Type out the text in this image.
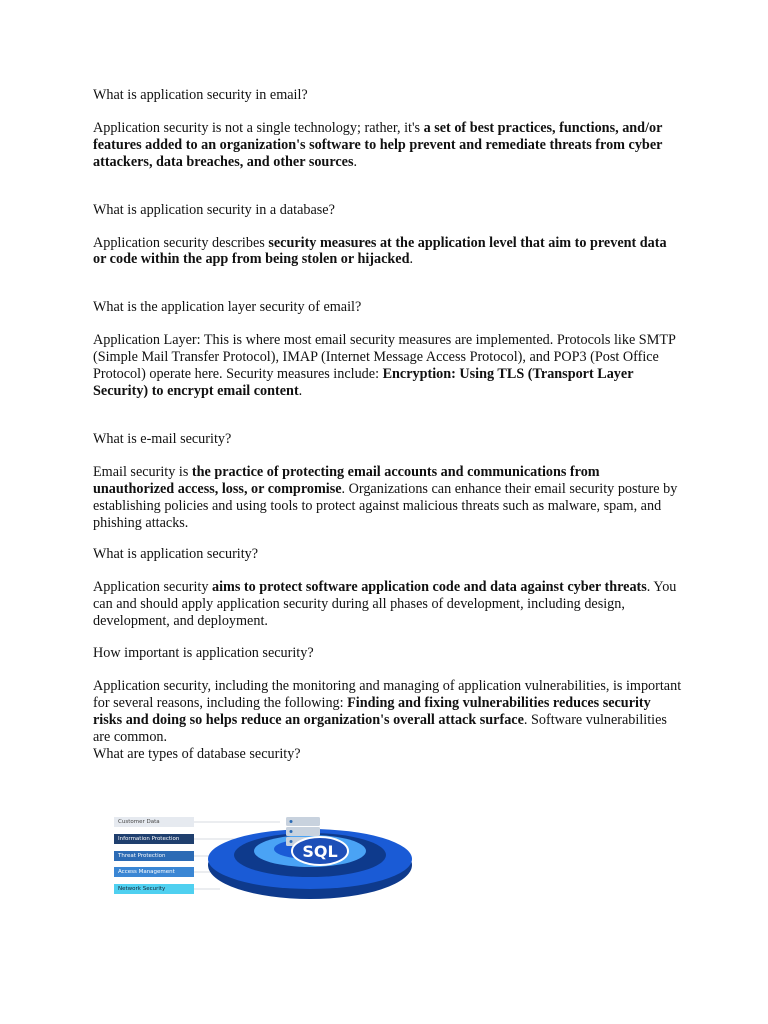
What is application security in email?

Application security is not a single technology; rather, it's a set of best practices, functions, and/or features added to an organization's software to help prevent and remediate threats from cyber attackers, data breaches, and other sources.

What is application security in a database?

Application security describes security measures at the application level that aim to prevent data or code within the app from being stolen or hijacked.

What is the application layer security of email?

Application Layer: This is where most email security measures are implemented. Protocols like SMTP (Simple Mail Transfer Protocol), IMAP (Internet Message Access Protocol), and POP3 (Post Office Protocol) operate here. Security measures include: Encryption: Using TLS (Transport Layer Security) to encrypt email content.

What is e-mail security?

Email security is the practice of protecting email accounts and communications from unauthorized access, loss, or compromise. Organizations can enhance their email security posture by establishing policies and using tools to protect against malicious threats such as malware, spam, and phishing attacks.

What is application security?

Application security aims to protect software application code and data against cyber threats. You can and should apply application security during all phases of development, including design, development, and deployment.

How important is application security?

Application security, including the monitoring and managing of application vulnerabilities, is important for several reasons, including the following: Finding and fixing vulnerabilities reduces security risks and doing so helps reduce an organization's overall attack surface. Software vulnerabilities are common.

What are types of database security?

Customer Data
Information Protection
Threat Protection
Access Management
Network Security
SQL
